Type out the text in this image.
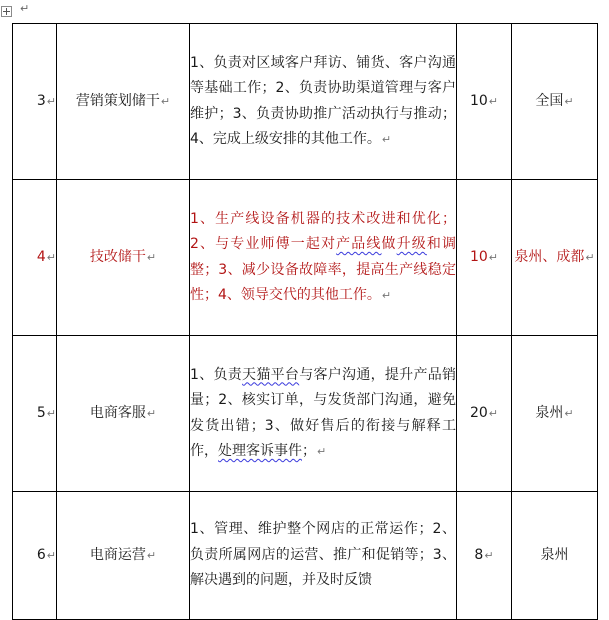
↵
3↵	营销策划储干↵	1、负责对区域客户拜访、铺货、客户沟通等基础工作；2、负责协助渠道管理与客户维护；3、负责协助推广活动执行与推动；4、完成上级安排的其他工作。↵	10↵	全国↵
4↵	技改储干↵	1、生产线设备机器的技术改进和优化；2、与专业师傅一起对产品线做升级和调整；3、减少设备故障率，提高生产线稳定性；4、领导交代的其他工作。↵	10↵	泉州、成都↵
5↵	电商客服↵	1、负责天猫平台与客户沟通，提升产品销量；2、核实订单，与发货部门沟通，避免发货出错；3、做好售后的衔接与解释工作，处理客诉事件；↵	20↵	泉州↵
6↵	电商运营↵	1、管理、维护整个网店的正常运作；2、负责所属网店的运营、推广和促销等；3、解决遇到的问题，并及时反馈	8↵	泉州
